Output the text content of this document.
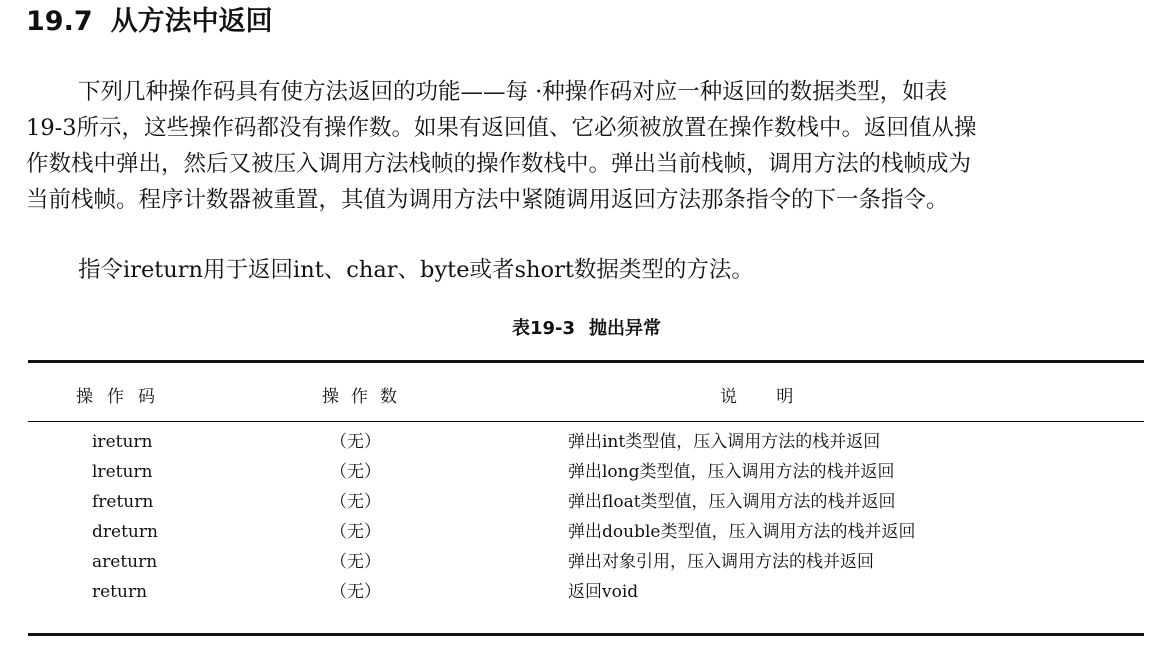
19.7 从方法中返回
下列几种操作码具有使方法返回的功能——每 ·种操作码对应一种返回的数据类型，如表
19-3所示，这些操作码都没有操作数。如果有返回值、它必须被放置在操作数栈中。返回值从操
作数栈中弹出，然后又被压入调用方法栈帧的操作数栈中。弹出当前栈帧，调用方法的栈帧成为
当前栈帧。程序计数器被重置，其值为调用方法中紧随调用返回方法那条指令的下一条指令。
指令ireturn用于返回int、char、byte或者short数据类型的方法。
表19-3 抛出异常
操作码	操作数	说 明
ireturn	（无）	弹出int类型值，压入调用方法的栈并返回
lreturn	（无）	弹出long类型值，压入调用方法的栈并返回
freturn	（无）	弹出float类型值，压入调用方法的栈并返回
dreturn	（无）	弹出double类型值，压入调用方法的栈并返回
areturn	（无）	弹出对象引用，压入调用方法的栈并返回
return	（无）	返回void
